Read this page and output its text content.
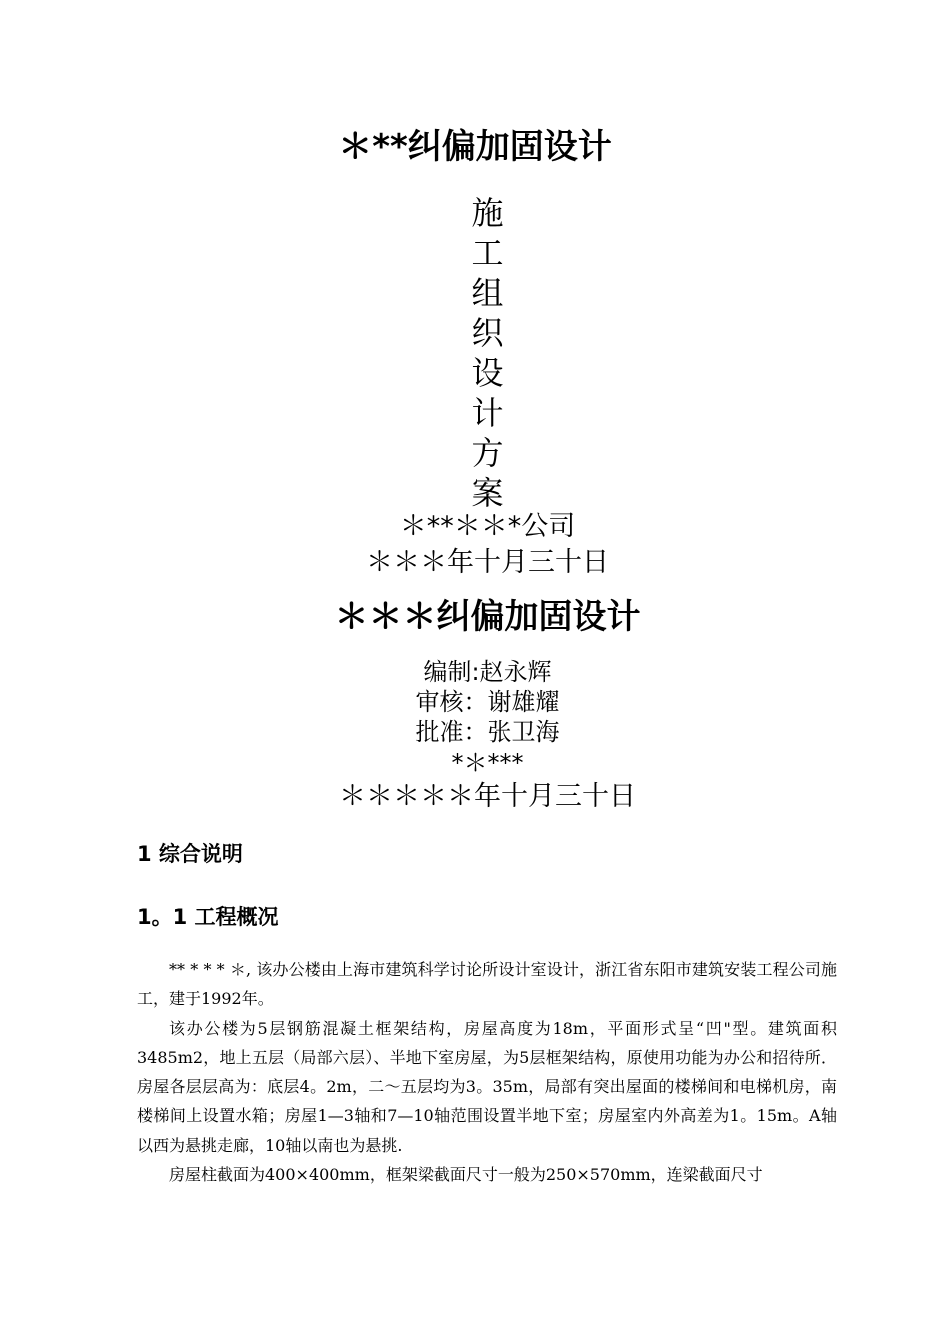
＊**纠偏加固设计
施
工
组
织
设
计
方
案
＊**＊＊*公司
＊＊＊年十月三十日
＊＊＊纠偏加固设计
编制:赵永辉
审核：谢雄耀
批准：张卫海
*＊***
＊＊＊＊＊年十月三十日
1 综合说明
1。1 工程概况

** * * * ＊, 该办公楼由上海市建筑科学讨论所设计室设计，浙江省东阳市建筑安装工程公司施工，建于1992年。

该办公楼为5层钢筋混凝土框架结构，房屋高度为18m，平面形式呈“凹"型。建筑面积3485m2，地上五层（局部六层）、半地下室房屋，为5层框架结构，原使用功能为办公和招待所．房屋各层层高为：底层4。2m，二～五层均为3。35m，局部有突出屋面的楼梯间和电梯机房，南楼梯间上设置水箱；房屋1—3轴和7—10轴范围设置半地下室；房屋室内外高差为1。15m。A轴以西为悬挑走廊，10轴以南也为悬挑.

房屋柱截面为400×400mm，框架梁截面尺寸一般为250×570mm，连梁截面尺寸
